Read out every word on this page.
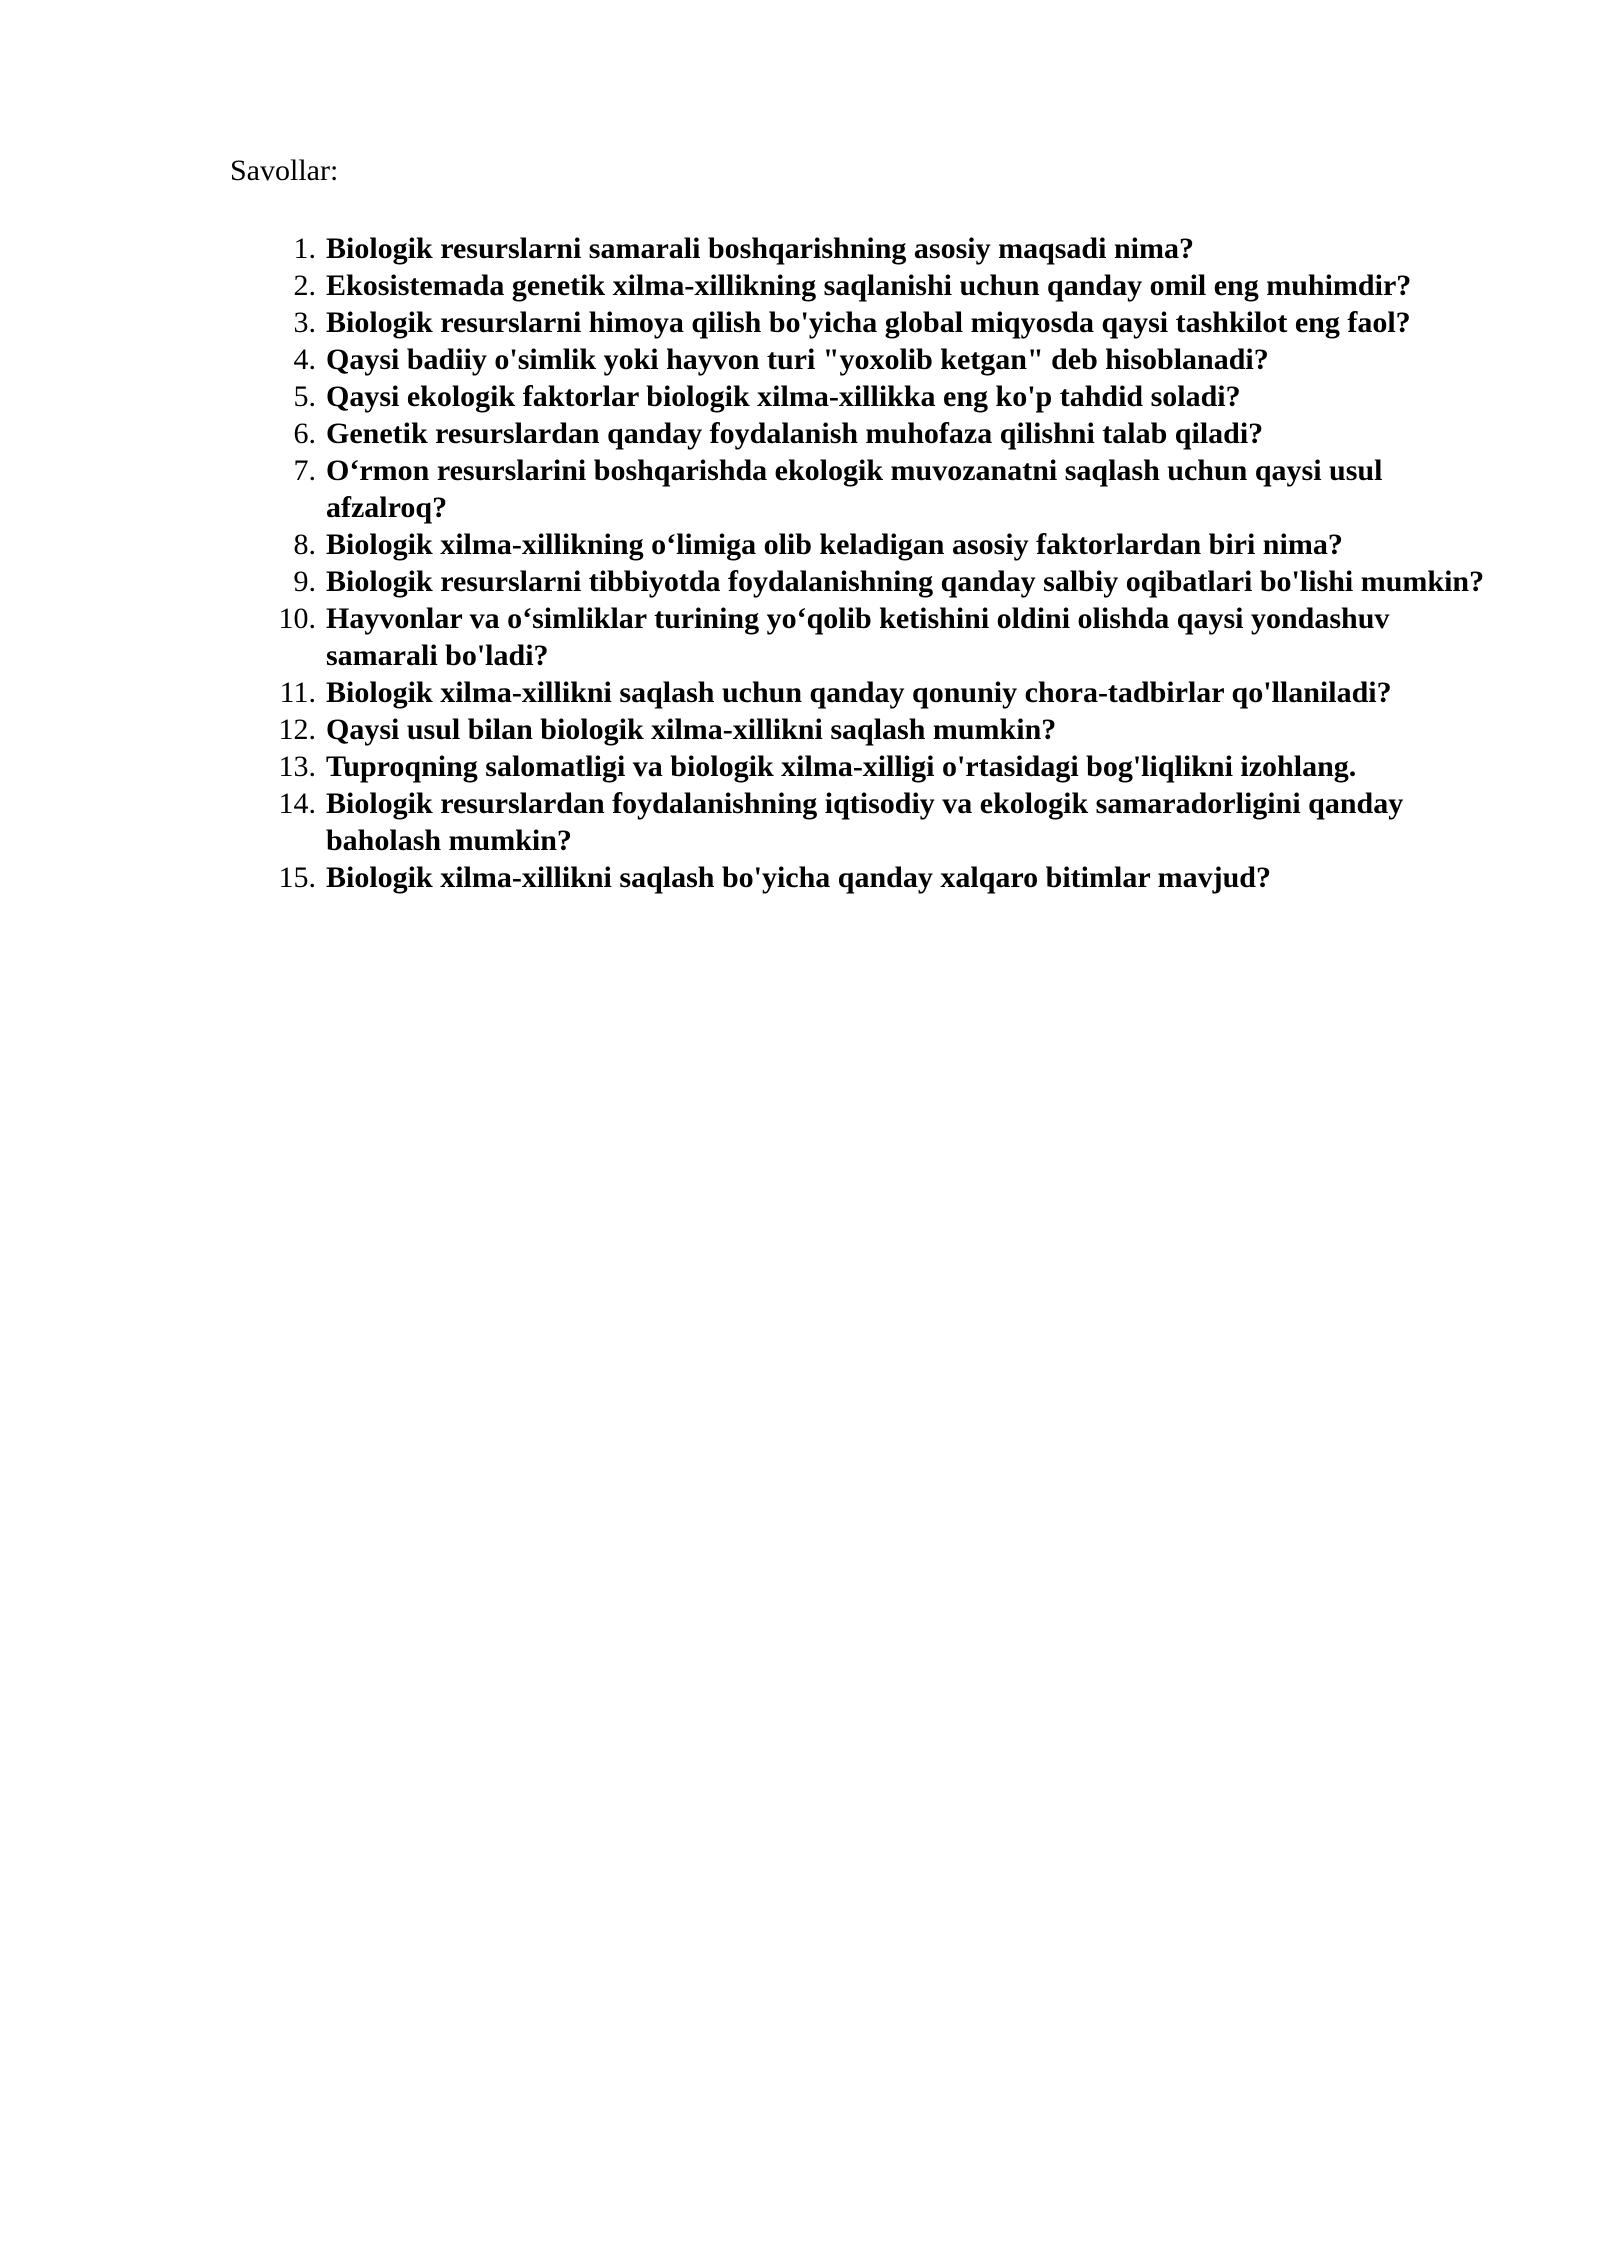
Savollar:

1. Biologik resurslarni samarali boshqarishning asosiy maqsadi nima?
2. Ekosistemada genetik xilma-xillikning saqlanishi uchun qanday omil eng muhimdir?
3. Biologik resurslarni himoya qilish bo'yicha global miqyosda qaysi tashkilot eng faol?
4. Qaysi badiiy o'simlik yoki hayvon turi "yoxolib ketgan" deb hisoblanadi?
5. Qaysi ekologik faktorlar biologik xilma-xillikka eng ko'p tahdid soladi?
6. Genetik resurslardan qanday foydalanish muhofaza qilishni talab qiladi?
7. O‘rmon resurslarini boshqarishda ekologik muvozanatni saqlash uchun qaysi usul afzalroq?
8. Biologik xilma-xillikning o‘limiga olib keladigan asosiy faktorlardan biri nima?
9. Biologik resurslarni tibbiyotda foydalanishning qanday salbiy oqibatlari bo'lishi mumkin?
10. Hayvonlar va o‘simliklar turining yo‘qolib ketishini oldini olishda qaysi yondashuv samarali bo'ladi?
11. Biologik xilma-xillikni saqlash uchun qanday qonuniy chora-tadbirlar qo'llaniladi?
12. Qaysi usul bilan biologik xilma-xillikni saqlash mumkin?
13. Tuproqning salomatligi va biologik xilma-xilligi o'rtasidagi bog'liqlikni izohlang.
14. Biologik resurslardan foydalanishning iqtisodiy va ekologik samaradorligini qanday baholash mumkin?
15. Biologik xilma-xillikni saqlash bo'yicha qanday xalqaro bitimlar mavjud?
